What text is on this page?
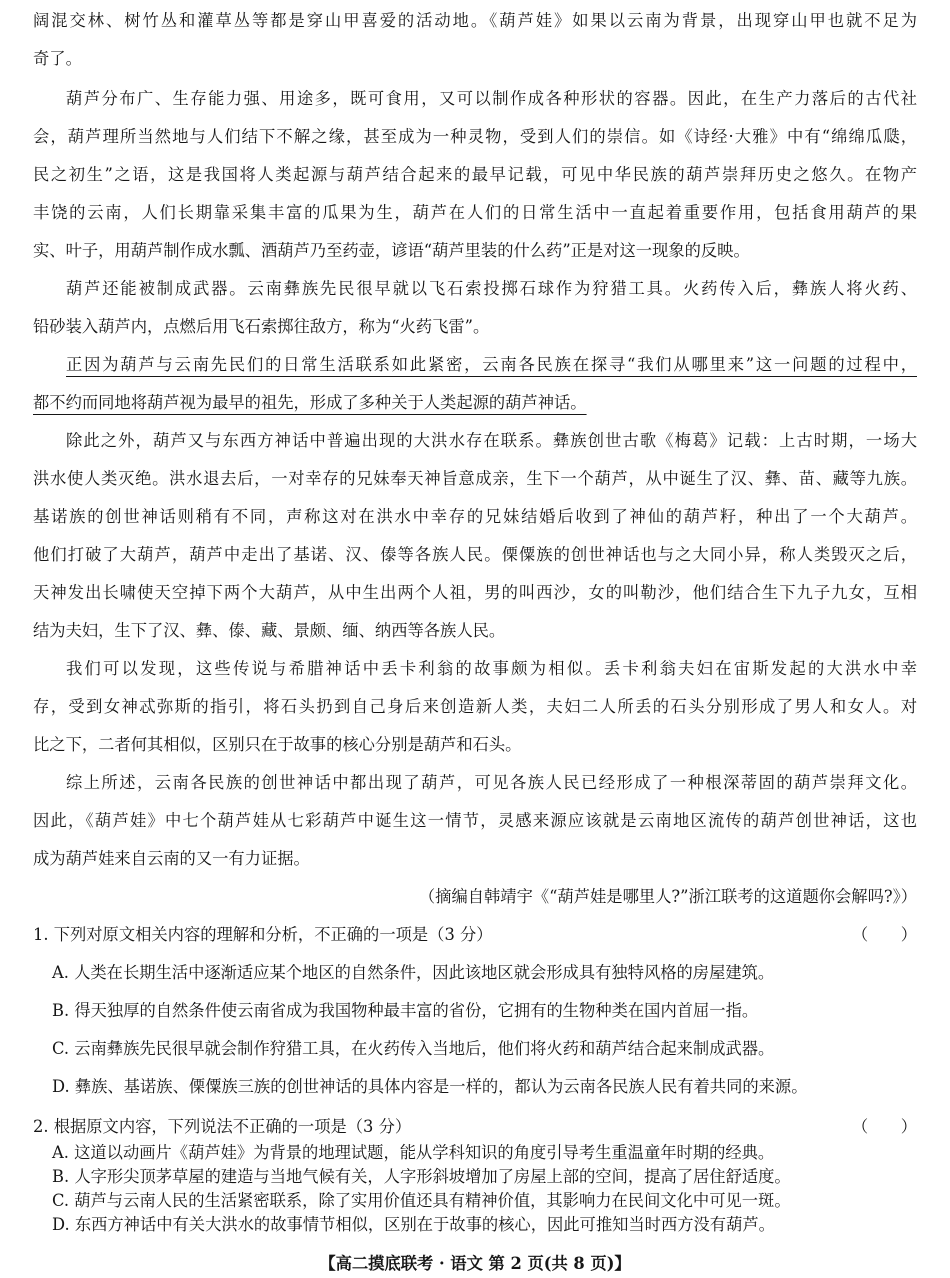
阔混交林、树竹丛和灌草丛等都是穿山甲喜爱的活动地。《葫芦娃》如果以云南为背景，出现穿山甲也就不足为
奇了。
葫芦分布广、生存能力强、用途多，既可食用，又可以制作成各种形状的容器。因此，在生产力落后的古代社
会，葫芦理所当然地与人们结下不解之缘，甚至成为一种灵物，受到人们的崇信。如《诗经·大雅》中有“绵绵瓜瓞，
民之初生”之语，这是我国将人类起源与葫芦结合起来的最早记载，可见中华民族的葫芦崇拜历史之悠久。在物产
丰饶的云南，人们长期靠采集丰富的瓜果为生，葫芦在人们的日常生活中一直起着重要作用，包括食用葫芦的果
实、叶子，用葫芦制作成水瓢、酒葫芦乃至药壶，谚语“葫芦里装的什么药”正是对这一现象的反映。
葫芦还能被制成武器。云南彝族先民很早就以飞石索投掷石球作为狩猎工具。火药传入后，彝族人将火药、
铅砂装入葫芦内，点燃后用飞石索掷往敌方，称为“火药飞雷”。
正因为葫芦与云南先民们的日常生活联系如此紧密，云南各民族在探寻“我们从哪里来”这一问题的过程中，
都不约而同地将葫芦视为最早的祖先，形成了多种关于人类起源的葫芦神话。
除此之外，葫芦又与东西方神话中普遍出现的大洪水存在联系。彝族创世古歌《梅葛》记载：上古时期，一场大
洪水使人类灭绝。洪水退去后，一对幸存的兄妹奉天神旨意成亲，生下一个葫芦，从中诞生了汉、彝、苗、藏等九族。
基诺族的创世神话则稍有不同，声称这对在洪水中幸存的兄妹结婚后收到了神仙的葫芦籽，种出了一个大葫芦。
他们打破了大葫芦，葫芦中走出了基诺、汉、傣等各族人民。傈僳族的创世神话也与之大同小异，称人类毁灭之后，
天神发出长啸使天空掉下两个大葫芦，从中生出两个人祖，男的叫西沙，女的叫勒沙，他们结合生下九子九女，互相
结为夫妇，生下了汉、彝、傣、藏、景颇、缅、纳西等各族人民。
我们可以发现，这些传说与希腊神话中丢卡利翁的故事颇为相似。丢卡利翁夫妇在宙斯发起的大洪水中幸
存，受到女神忒弥斯的指引，将石头扔到自己身后来创造新人类，夫妇二人所丢的石头分别形成了男人和女人。对
比之下，二者何其相似，区别只在于故事的核心分别是葫芦和石头。
综上所述，云南各民族的创世神话中都出现了葫芦，可见各族人民已经形成了一种根深蒂固的葫芦崇拜文化。
因此，《葫芦娃》中七个葫芦娃从七彩葫芦中诞生这一情节，灵感来源应该就是云南地区流传的葫芦创世神话，这也
成为葫芦娃来自云南的又一有力证据。
（摘编自韩靖宇《“葫芦娃是哪里人?”浙江联考的这道题你会解吗?》）
1. 下列对原文相关内容的理解和分析，不正确的一项是（3 分）	（　　）
A. 人类在长期生活中逐渐适应某个地区的自然条件，因此该地区就会形成具有独特风格的房屋建筑。
B. 得天独厚的自然条件使云南省成为我国物种最丰富的省份，它拥有的生物种类在国内首屈一指。
C. 云南彝族先民很早就会制作狩猎工具，在火药传入当地后，他们将火药和葫芦结合起来制成武器。
D. 彝族、基诺族、傈僳族三族的创世神话的具体内容是一样的，都认为云南各民族人民有着共同的来源。
2. 根据原文内容，下列说法不正确的一项是（3 分）	（　　）
A. 这道以动画片《葫芦娃》为背景的地理试题，能从学科知识的角度引导考生重温童年时期的经典。
B. 人字形尖顶茅草屋的建造与当地气候有关，人字形斜坡增加了房屋上部的空间，提高了居住舒适度。
【高二摸底联考 · 语文 第 2 页(共 8 页)】
C. 葫芦与云南人民的生活紧密联系，除了实用价值还具有精神价值，其影响力在民间文化中可见一斑。
D. 东西方神话中有关大洪水的故事情节相似，区别在于故事的核心，因此可推知当时西方没有葫芦。
